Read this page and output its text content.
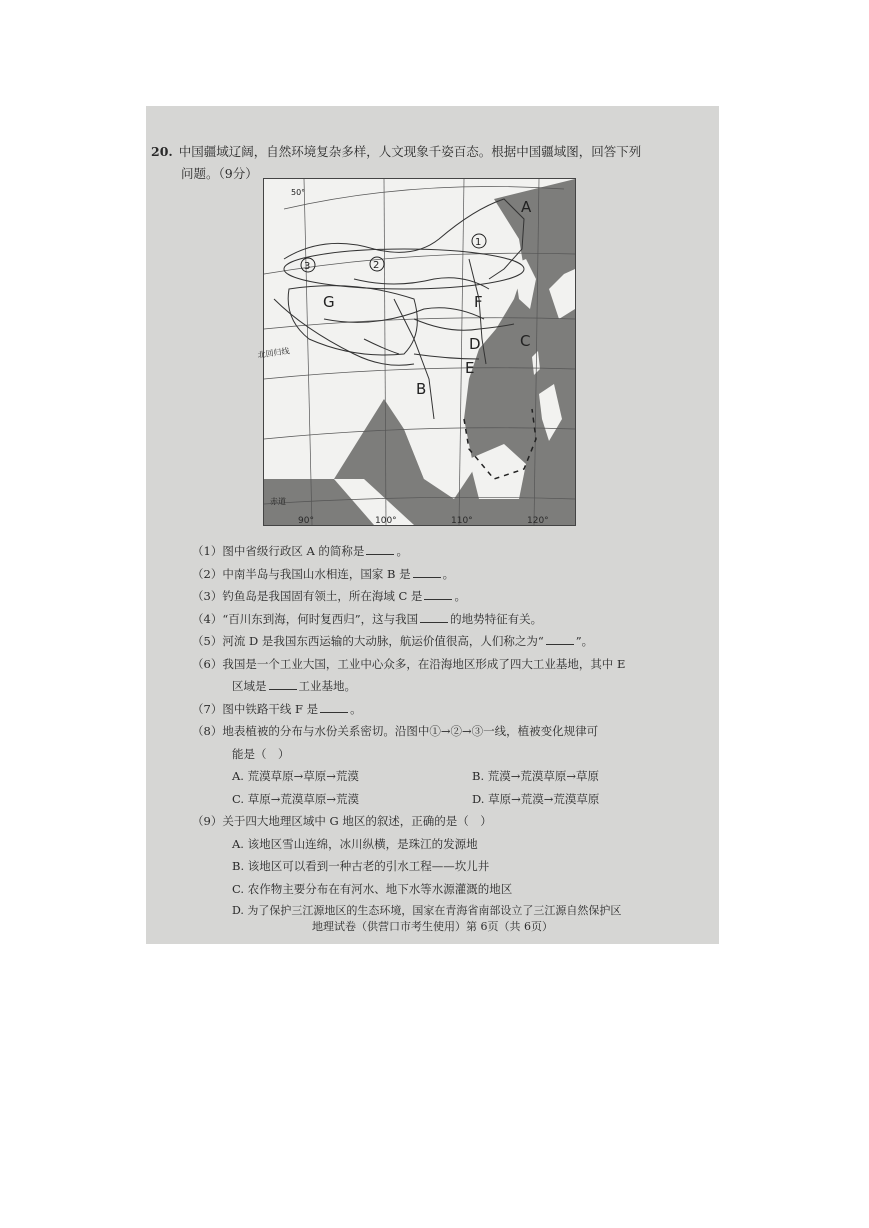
20. 中国疆域辽阔，自然环境复杂多样，人文现象千姿百态。根据中国疆域图，回答下列
问题。（9分）
A
B
C
D
E
F
G
1
2
3
50°
北回归线
赤道
90°	100°	110°	120°
（1）图中省级行政区 A 的简称是	。
（2）中南半岛与我国山水相连，国家 B 是	。
（3）钓鱼岛是我国固有领土，所在海域 C 是	。
（4）“百川东到海，何时复西归”，这与我国	的地势特征有关。
（5）河流 D 是我国东西运输的大动脉，航运价值很高，人们称之为“	”。
（6）我国是一个工业大国，工业中心众多，在沿海地区形成了四大工业基地，其中 E
区域是	工业基地。
（7）图中铁路干线 F 是	。
（8）地表植被的分布与水份关系密切。沿图中①→②→③一线，植被变化规律可
能是（　）
A. 荒漠草原→草原→荒漠	B. 荒漠→荒漠草原→草原
C. 草原→荒漠草原→荒漠	D. 草原→荒漠→荒漠草原
（9）关于四大地理区域中 G 地区的叙述，正确的是（　）
A. 该地区雪山连绵，冰川纵横，是珠江的发源地
B. 该地区可以看到一种古老的引水工程——坎儿井
C. 农作物主要分布在有河水、地下水等水源灌溉的地区
D. 为了保护三江源地区的生态环境，国家在青海省南部设立了三江源自然保护区
地理试卷（供营口市考生使用）第 6页（共 6页）
